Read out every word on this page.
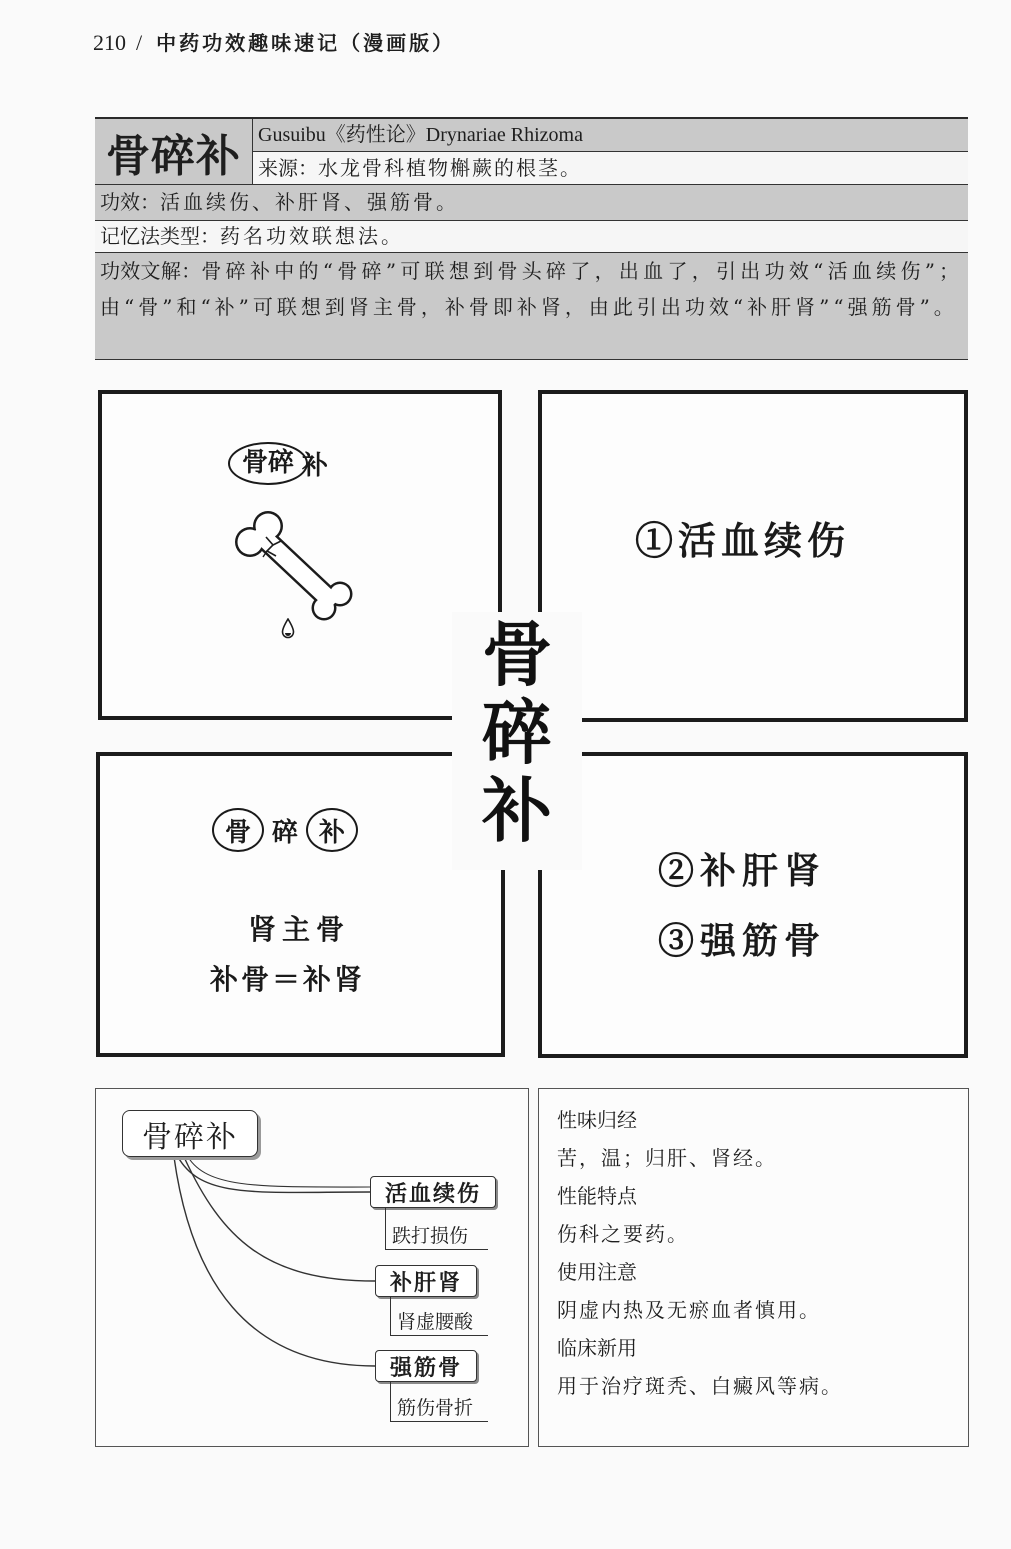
210 / 中药功效趣味速记（漫画版）
骨碎补 Gusuibu《药性论》Drynariae Rhizoma
来源：水龙骨科植物槲蕨的根茎。
功效：活血续伤、补肝肾、强筋骨。
记忆法类型：药名功效联想法。
功效文解：骨碎补中的“骨碎”可联想到骨头碎了，出血了，引出功效“活血续伤”；由“骨”和“补”可联想到肾主骨，补骨即补肾，由此引出功效“补肝肾”“强筋骨”。
骨碎 补
①活血续伤
骨 碎 补
肾主骨
补骨＝补肾
②补肝肾
③强筋骨
骨
碎
补
骨碎补
活血续伤
跌打损伤
补肝肾
肾虚腰酸
强筋骨
筋伤骨折
性味归经
苦，温；归肝、肾经。
性能特点
伤科之要药。
使用注意
阴虚内热及无瘀血者慎用。
临床新用
用于治疗斑秃、白癜风等病。
